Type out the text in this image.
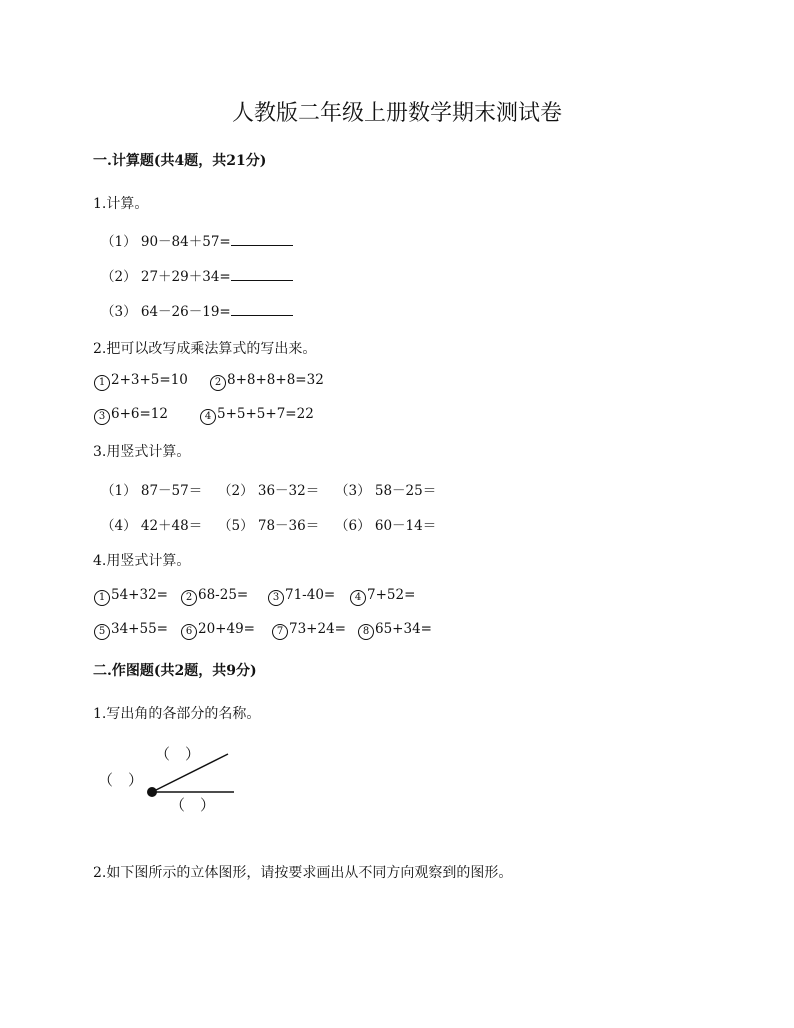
人教版二年级上册数学期末测试卷
一.计算题(共4题，共21分)
1.计算。
（1） 90－84＋57=
（2） 27＋29＋34=
（3） 64－26－19=
2.把可以改写成乘法算式的写出来。
1 2+3+5=10	2 8+8+8+8=32
3 6+6=12	4 5+5+5+7=22
3.用竖式计算。
（1） 87－57＝ （2） 36－32＝ （3） 58－25＝
（4） 42＋48＝ （5） 78－36＝ （6） 60－14＝
4.用竖式计算。
1 54+32=	2 68-25=	3 71-40=	4 7+52=
5 34+55=	6 20+49=	7 73+24=	8 65+34=
二.作图题(共2题，共9分)
1.写出角的各部分的名称。
（　）
（　）
（　）
2.如下图所示的立体图形，请按要求画出从不同方向观察到的图形。
